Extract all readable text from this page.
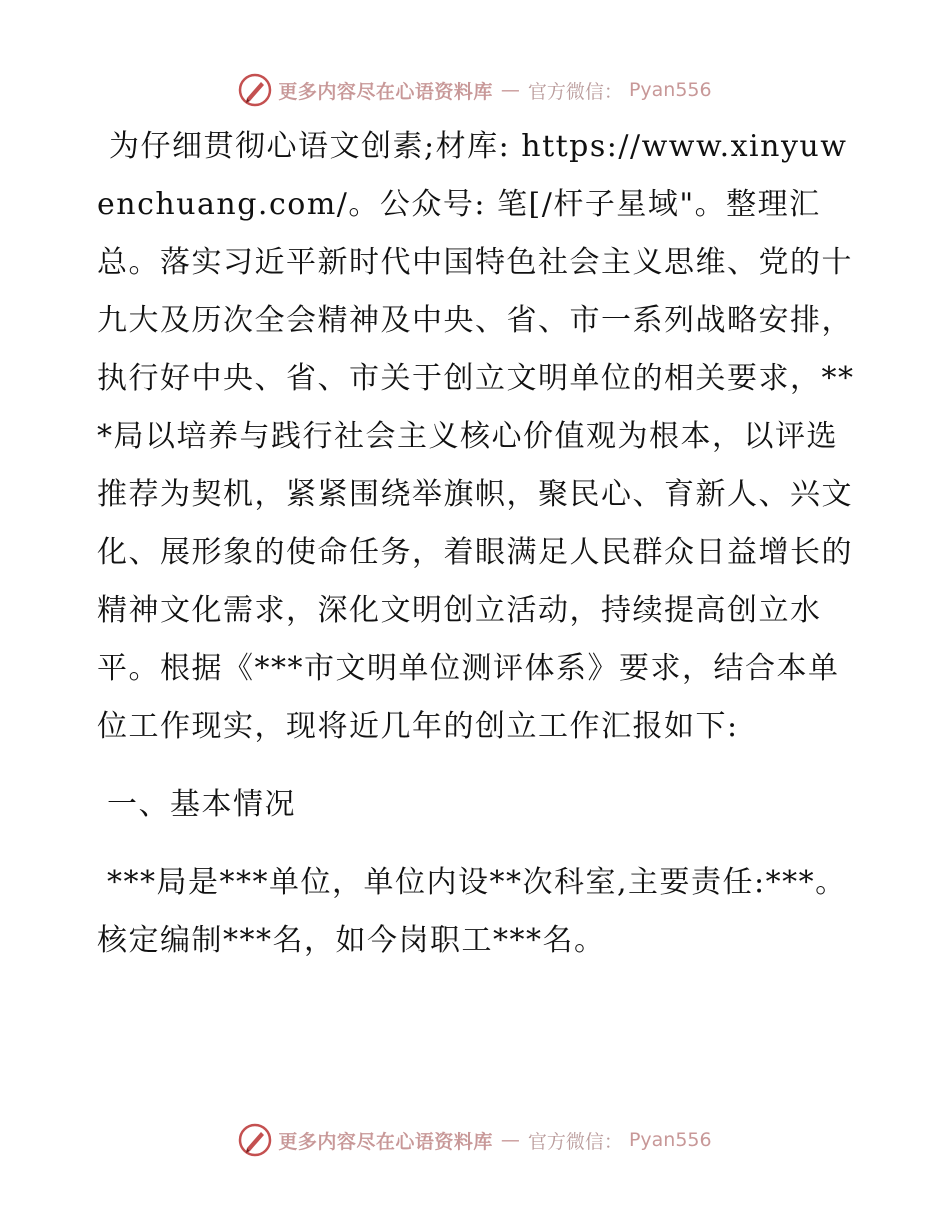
更多内容尽在心语资料库 — 官方微信： Pyan556

为仔细贯彻心语文创素;材库: https://www.xinyuwenchuang.com/。公众号: 笔[/杆子星域"。整理汇总。落实习近平新时代中国特色社会主义思维、党的十九大及历次全会精神及中央、省、市一系列战略安排，执行好中央、省、市关于创立文明单位的相关要求，***局以培养与践行社会主义核心价值观为根本，以评选推荐为契机，紧紧围绕举旗帜，聚民心、育新人、兴文化、展形象的使命任务，着眼满足人民群众日益增长的精神文化需求，深化文明创立活动，持续提高创立水平。根据《***市文明单位测评体系》要求，结合本单位工作现实，现将近几年的创立工作汇报如下:

一、基本情况

***局是***单位，单位内设**次科室,主要责任:***。核定编制***名，如今岗职工***名。

更多内容尽在心语资料库 — 官方微信： Pyan556
